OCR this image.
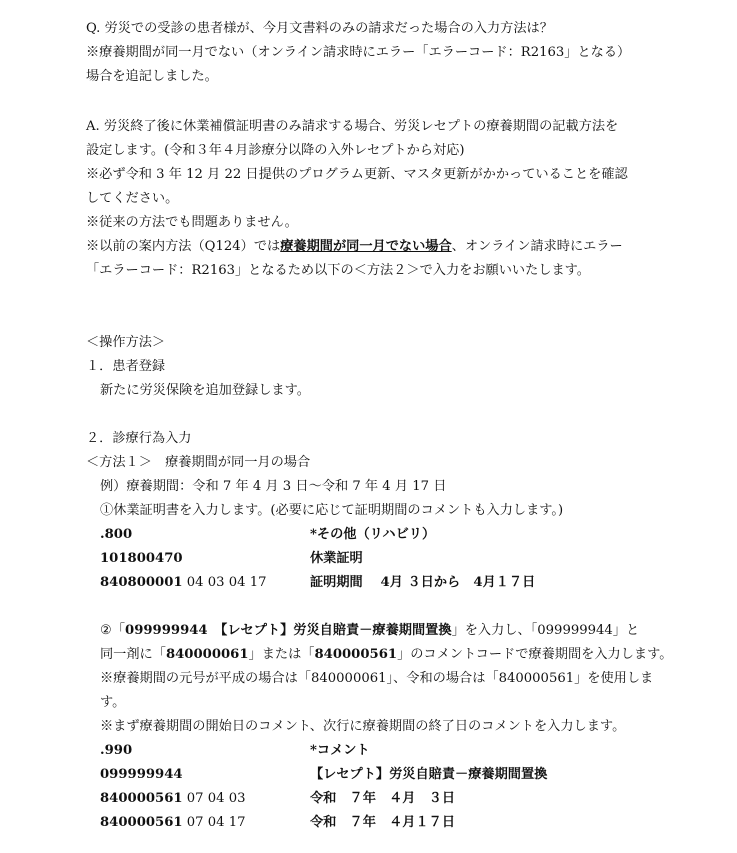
Q. 労災での受診の患者様が、今月文書料のみの請求だった場合の入力方法は？
※療養期間が同一月でない（オンライン請求時にエラー「エラーコード：R2163」となる）
場合を追記しました。
A. 労災終了後に休業補償証明書のみ請求する場合、労災レセプトの療養期間の記載方法を
設定します。(令和３年４月診療分以降の入外レセプトから対応)
※必ず令和 3 年 12 月 22 日提供のプログラム更新、マスタ更新がかかっていることを確認
してください。
※従来の方法でも問題ありません。
※以前の案内方法（Q124）では療養期間が同一月でない場合、オンライン請求時にエラー
「エラーコード：R2163」となるため以下の＜方法２＞で入力をお願いいたします。
＜操作方法＞
１．患者登録
新たに労災保険を追加登録します。
２．診療行為入力
＜方法１＞　療養期間が同一月の場合
例）療養期間：令和 7 年 4 月 3 日～令和 7 年 4 月 17 日
①休業証明書を入力します。(必要に応じて証明期間のコメントも入力します。)
.800	*その他（リハビリ）
101800470	休業証明
840800001 04 03 04 17	証明期間　 4月 ３日から　4月１７日
②「099999944　【レセプト】労災自賠責－療養期間置換」を入力し、「099999944」と
同一剤に「840000061」または「840000561」のコメントコードで療養期間を入力します。
※療養期間の元号が平成の場合は「840000061」、令和の場合は「840000561」を使用しま
す。
※まず療養期間の開始日のコメント、次行に療養期間の終了日のコメントを入力します。
.990	*コメント
099999944	【レセプト】労災自賠責－療養期間置換
840000561 07 04 03	令和　７年　４月　３日
840000561 07 04 17	令和　７年　４月１７日
